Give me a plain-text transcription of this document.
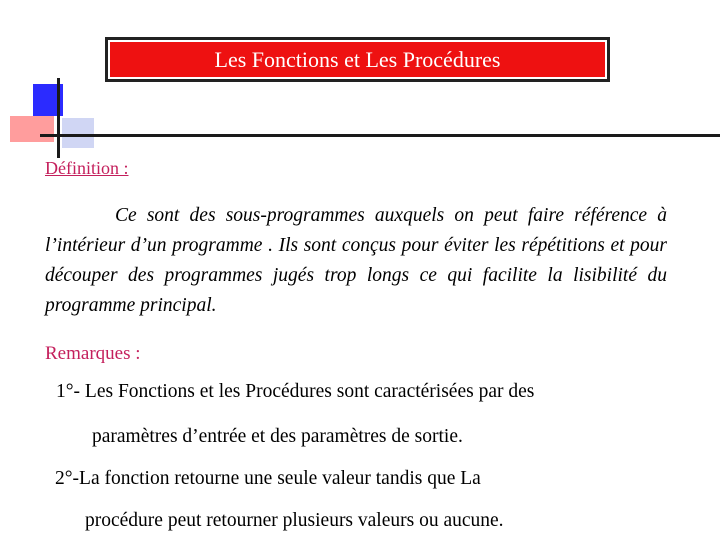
Les Fonctions et Les Procédures
Définition :

Ce sont des sous-programmes auxquels on peut faire référence à l’intérieur d’un programme . Ils sont conçus pour éviter les répétitions et pour découper des programmes jugés trop longs ce qui facilite la lisibilité du programme principal.

Remarques :
1°- Les Fonctions et les Procédures sont caractérisées par des
paramètres d’entrée et des paramètres de sortie.
2°-La fonction retourne une seule valeur tandis que La
procédure peut retourner plusieurs valeurs ou aucune.
